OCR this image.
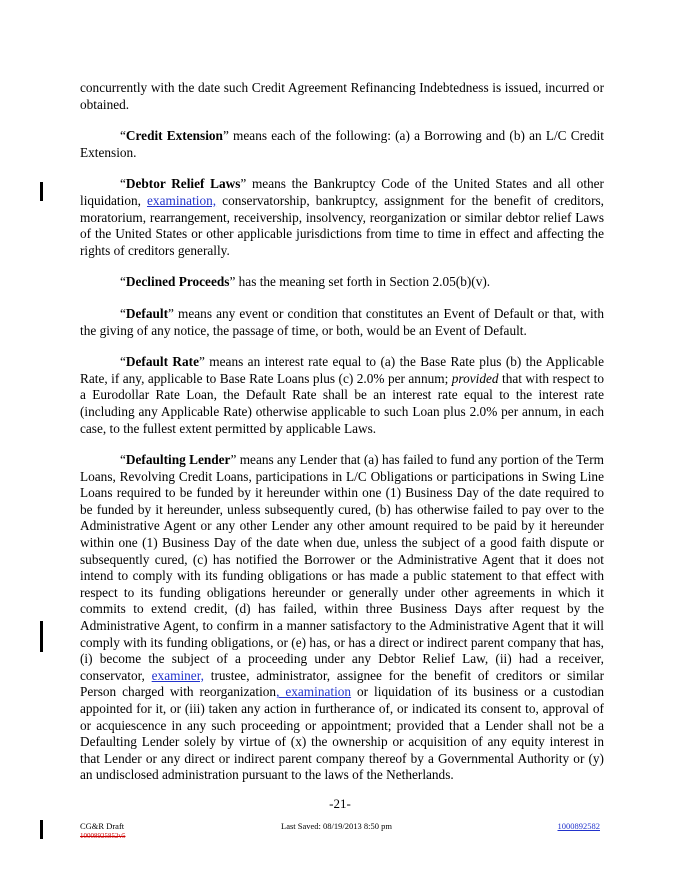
concurrently with the date such Credit Agreement Refinancing Indebtedness is issued, incurred or obtained.

“Credit Extension” means each of the following: (a) a Borrowing and (b) an L/C Credit Extension.

“Debtor Relief Laws” means the Bankruptcy Code of the United States and all other liquidation, examination, conservatorship, bankruptcy, assignment for the benefit of creditors, moratorium, rearrangement, receivership, insolvency, reorganization or similar debtor relief Laws of the United States or other applicable jurisdictions from time to time in effect and affecting the rights of creditors generally.

“Declined Proceeds” has the meaning set forth in Section 2.05(b)(v).

“Default” means any event or condition that constitutes an Event of Default or that, with the giving of any notice, the passage of time, or both, would be an Event of Default.

“Default Rate” means an interest rate equal to (a) the Base Rate plus (b) the Applicable Rate, if any, applicable to Base Rate Loans plus (c) 2.0% per annum; provided that with respect to a Eurodollar Rate Loan, the Default Rate shall be an interest rate equal to the interest rate (including any Applicable Rate) otherwise applicable to such Loan plus 2.0% per annum, in each case, to the fullest extent permitted by applicable Laws.

“Defaulting Lender” means any Lender that (a) has failed to fund any portion of the Term Loans, Revolving Credit Loans, participations in L/C Obligations or participations in Swing Line Loans required to be funded by it hereunder within one (1) Business Day of the date required to be funded by it hereunder, unless subsequently cured, (b) has otherwise failed to pay over to the Administrative Agent or any other Lender any other amount required to be paid by it hereunder within one (1) Business Day of the date when due, unless the subject of a good faith dispute or subsequently cured, (c) has notified the Borrower or the Administrative Agent that it does not intend to comply with its funding obligations or has made a public statement to that effect with respect to its funding obligations hereunder or generally under other agreements in which it commits to extend credit, (d) has failed, within three Business Days after request by the Administrative Agent, to confirm in a manner satisfactory to the Administrative Agent that it will comply with its funding obligations, or (e) has, or has a direct or indirect parent company that has, (i) become the subject of a proceeding under any Debtor Relief Law, (ii) had a receiver, conservator, examiner, trustee, administrator, assignee for the benefit of creditors or similar Person charged with reorganization, examination or liquidation of its business or a custodian appointed for it, or (iii) taken any action in furtherance of, or indicated its consent to, approval of or acquiescence in any such proceeding or appointment; provided that a Lender shall not be a Defaulting Lender solely by virtue of (x) the ownership or acquisition of any equity interest in that Lender or any direct or indirect parent company thereof by a Governmental Authority or (y) an undisclosed administration pursuant to the laws of the Netherlands.

-21-
CG&R Draft
10008925852v5
Last Saved: 08/19/2013 8:50 pm	1000892582
